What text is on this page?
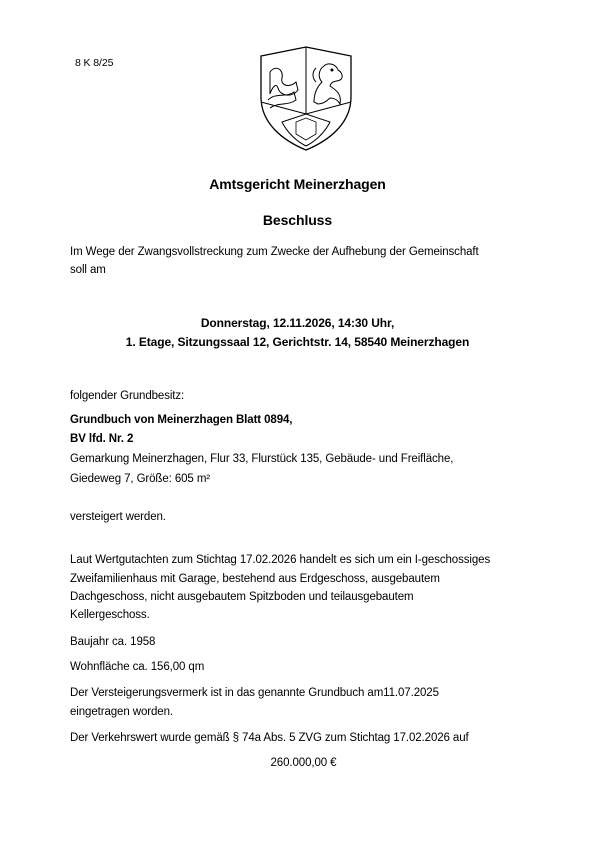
8 K 8/25
Amtsgericht Meinerzhagen
Beschluss
Im Wege der Zwangsvollstreckung zum Zwecke der Aufhebung der Gemeinschaft
soll am
Donnerstag, 12.11.2026, 14:30 Uhr,
1. Etage, Sitzungssaal 12, Gerichtstr. 14, 58540 Meinerzhagen
folgender Grundbesitz:
Grundbuch von Meinerzhagen Blatt 0894,
BV lfd. Nr. 2
Gemarkung Meinerzhagen, Flur 33, Flurstück 135, Gebäude- und Freifläche,
Giedeweg 7, Größe: 605 m²
versteigert werden.
Laut Wertgutachten zum Stichtag 17.02.2026 handelt es sich um ein I-geschossiges
Zweifamilienhaus mit Garage, bestehend aus Erdgeschoss, ausgebautem
Dachgeschoss, nicht ausgebautem Spitzboden und teilausgebautem
Kellergeschoss.
Baujahr ca. 1958
Wohnfläche ca. 156,00 qm
Der Versteigerungsvermerk ist in das genannte Grundbuch am11.07.2025
eingetragen worden.
Der Verkehrswert wurde gemäß § 74a Abs. 5 ZVG zum Stichtag 17.02.2026 auf
260.000,00 €
